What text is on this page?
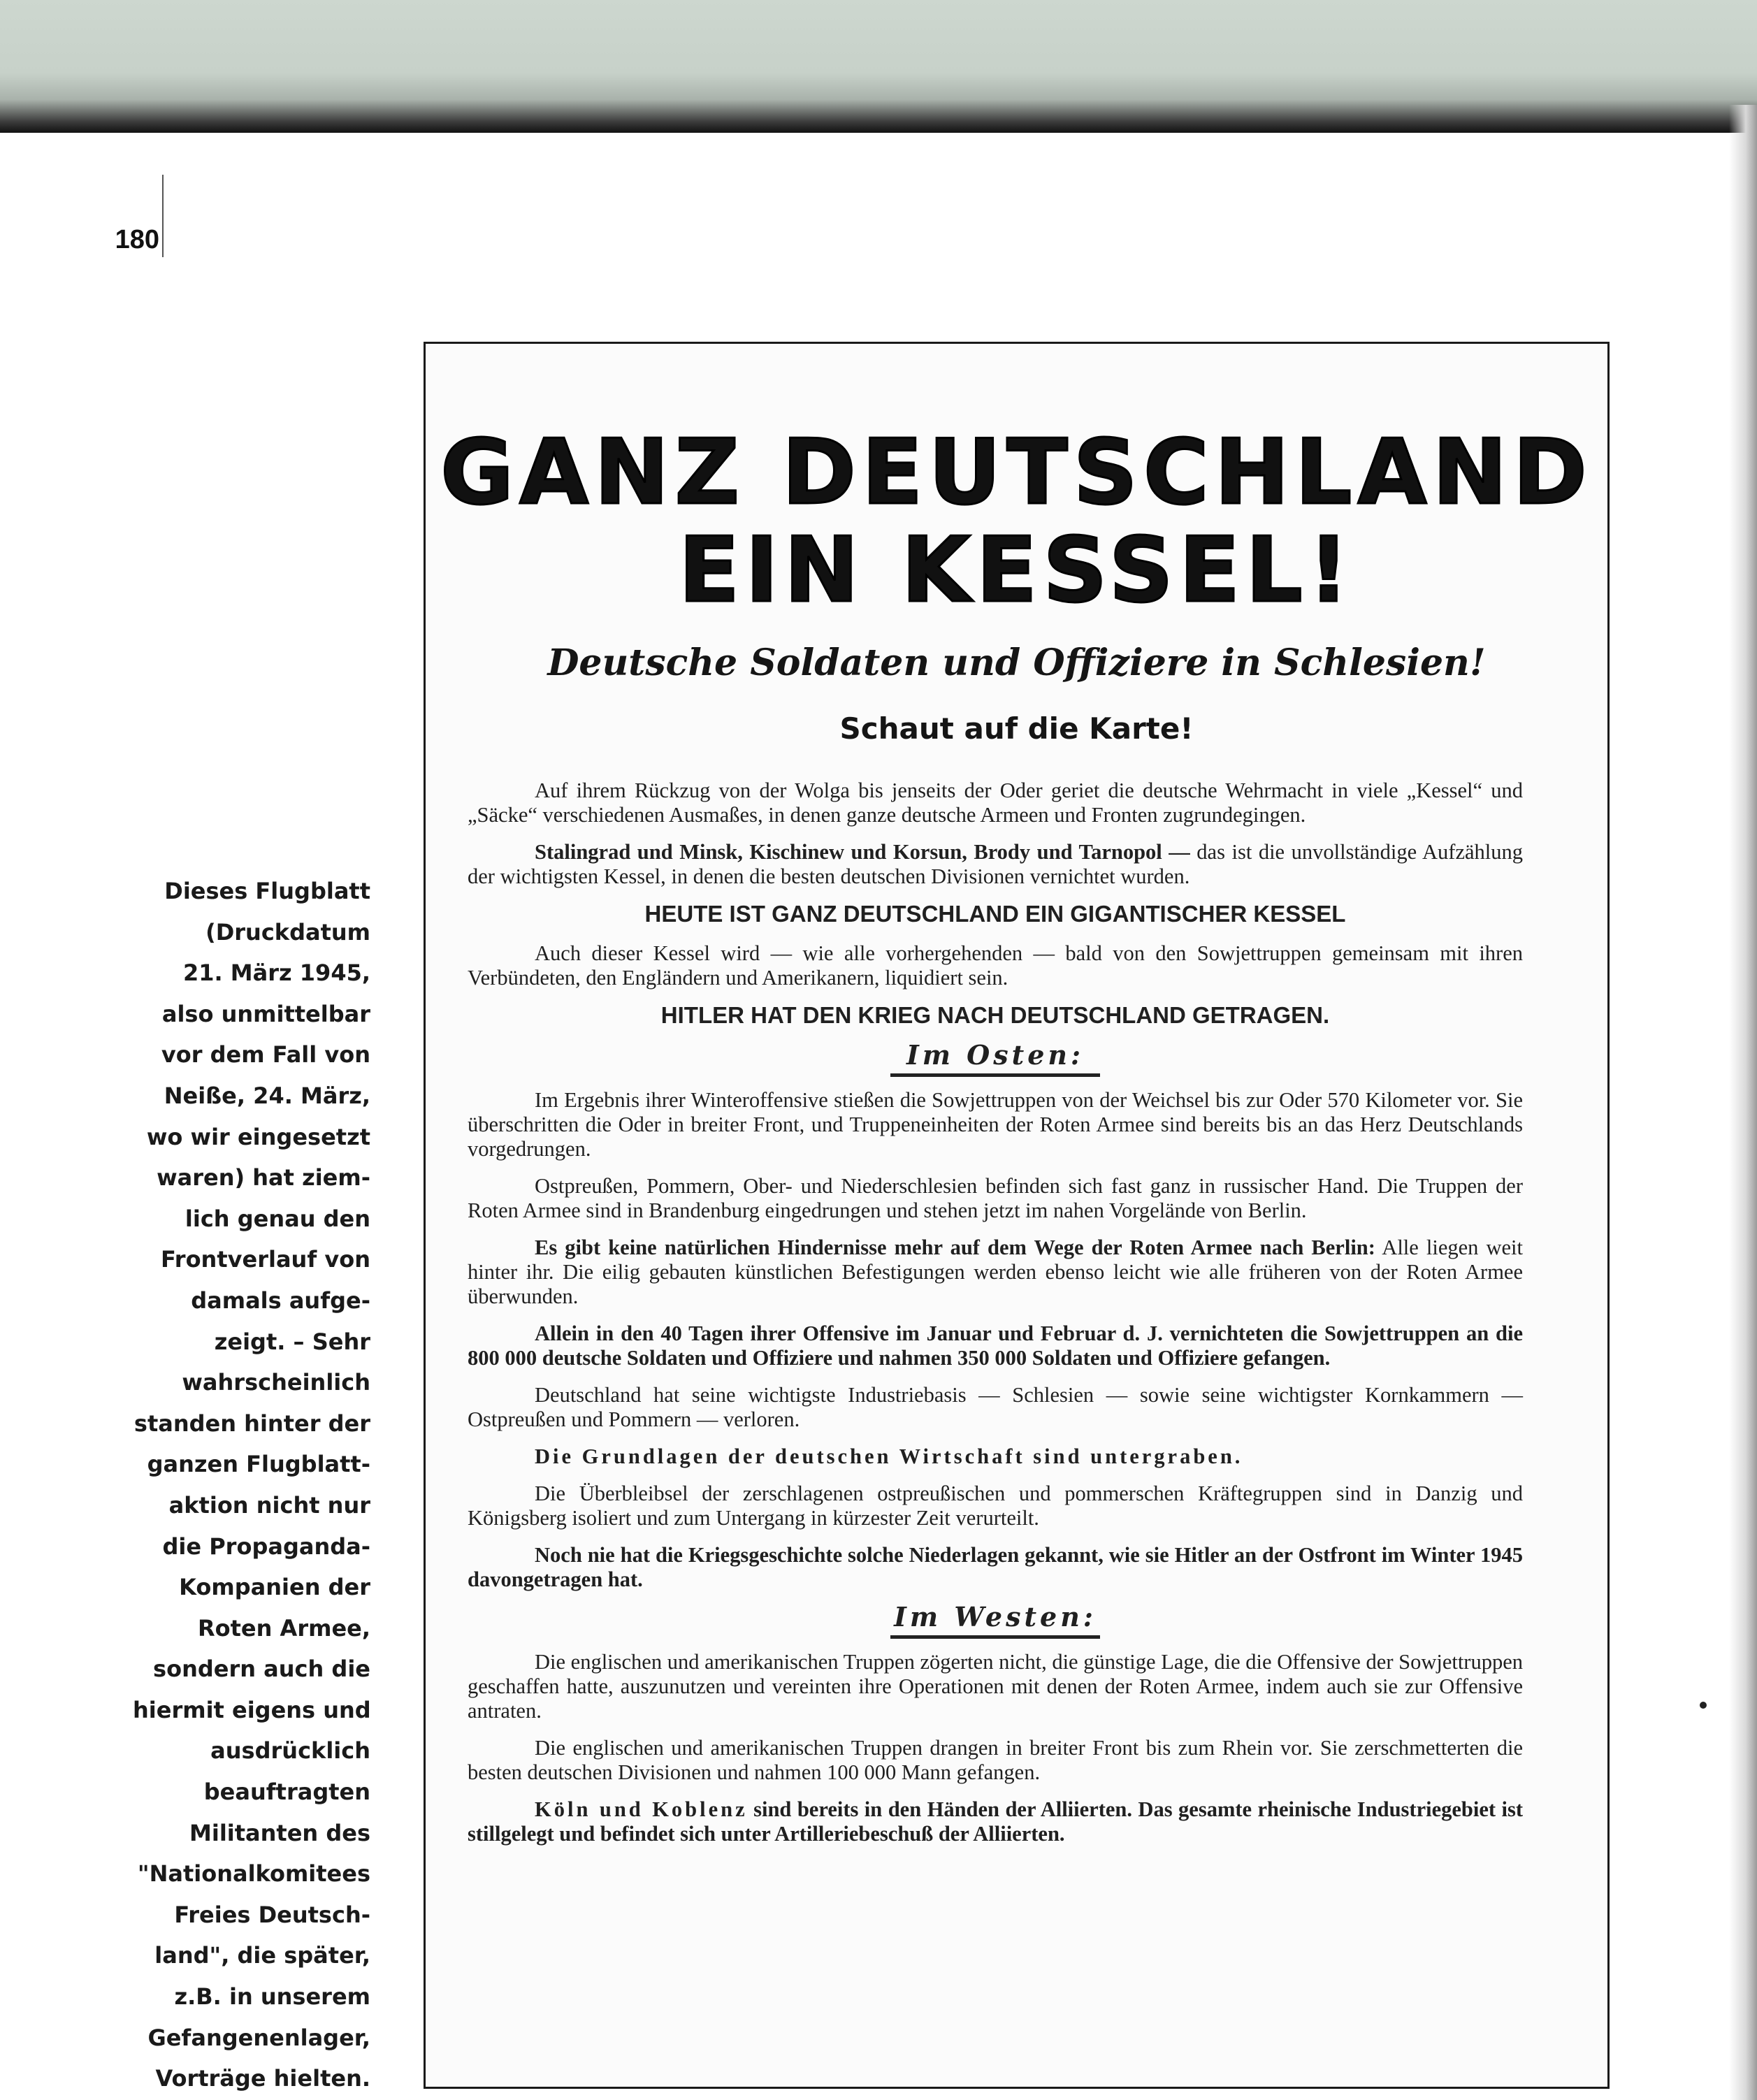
180
Dieses Flugblatt
(Druckdatum
21. März 1945,
also unmittelbar
vor dem Fall von
Neiße, 24. März,
wo wir eingesetzt
waren) hat ziem-
lich genau den
Frontverlauf von
damals aufge-
zeigt. – Sehr
wahrscheinlich
standen hinter der
ganzen Flugblatt-
aktion nicht nur
die Propaganda-
Kompanien der
Roten Armee,
sondern auch die
hiermit eigens und
ausdrücklich
beauftragten
Militanten des
"Nationalkomitees
Freies Deutsch-
land", die später,
z.B. in unserem
Gefangenenlager,
Vorträge hielten.
GANZ DEUTSCHLAND
EIN KESSEL!
Deutsche Soldaten und Offiziere in Schlesien!
Schaut auf die Karte!

Auf ihrem Rückzug von der Wolga bis jenseits der Oder geriet die deutsche Wehrmacht in viele „Kessel“ und „Säcke“ verschiedenen Ausmaßes, in denen ganze deutsche Armeen und Fronten zugrundegingen.

Stalingrad und Minsk, Kischinew und Korsun, Brody und Tarnopol — das ist die unvollständige Aufzählung der wichtigsten Kessel, in denen die besten deutschen Divisionen vernichtet wurden.

HEUTE IST GANZ DEUTSCHLAND EIN GIGANTISCHER KESSEL

Auch dieser Kessel wird — wie alle vorhergehenden — bald von den Sowjettruppen gemeinsam mit ihren Verbündeten, den Engländern und Amerikanern, liquidiert sein.

HITLER HAT DEN KRIEG NACH DEUTSCHLAND GETRAGEN.

Im Osten:

Im Ergebnis ihrer Winteroffensive stießen die Sowjettruppen von der Weichsel bis zur Oder 570 Kilometer vor. Sie überschritten die Oder in breiter Front, und Truppeneinheiten der Roten Armee sind bereits bis an das Herz Deutschlands vorgedrungen.

Ostpreußen, Pommern, Ober- und Niederschlesien befinden sich fast ganz in russischer Hand. Die Truppen der Roten Armee sind in Brandenburg eingedrungen und stehen jetzt im nahen Vorgelände von Berlin.

Es gibt keine natürlichen Hindernisse mehr auf dem Wege der Roten Armee nach Berlin: Alle liegen weit hinter ihr. Die eilig gebauten künstlichen Befestigungen werden ebenso leicht wie alle früheren von der Roten Armee überwunden.

Allein in den 40 Tagen ihrer Offensive im Januar und Februar d. J. vernichteten die Sowjettruppen an die 800 000 deutsche Soldaten und Offiziere und nahmen 350 000 Soldaten und Offiziere gefangen.

Deutschland hat seine wichtigste Industriebasis — Schlesien — sowie seine wichtigster Kornkammern — Ostpreußen und Pommern — verloren.

Die Grundlagen der deutschen Wirtschaft sind untergraben.

Die Überbleibsel der zerschlagenen ostpreußischen und pommerschen Kräftegruppen sind in Danzig und Königsberg isoliert und zum Untergang in kürzester Zeit verurteilt.

Noch nie hat die Kriegsgeschichte solche Niederlagen gekannt, wie sie Hitler an der Ostfront im Winter 1945 davongetragen hat.

Im Westen:

Die englischen und amerikanischen Truppen zögerten nicht, die günstige Lage, die die Offensive der Sowjettruppen geschaffen hatte, auszunutzen und vereinten ihre Operationen mit denen der Roten Armee, indem auch sie zur Offensive antraten.

Die englischen und amerikanischen Truppen drangen in breiter Front bis zum Rhein vor. Sie zerschmetterten die besten deutschen Divisionen und nahmen 100 000 Mann gefangen.

Köln und Koblenz sind bereits in den Händen der Alliierten. Das gesamte rheinische Industriegebiet ist stillgelegt und befindet sich unter Artilleriebeschuß der Alliierten.
